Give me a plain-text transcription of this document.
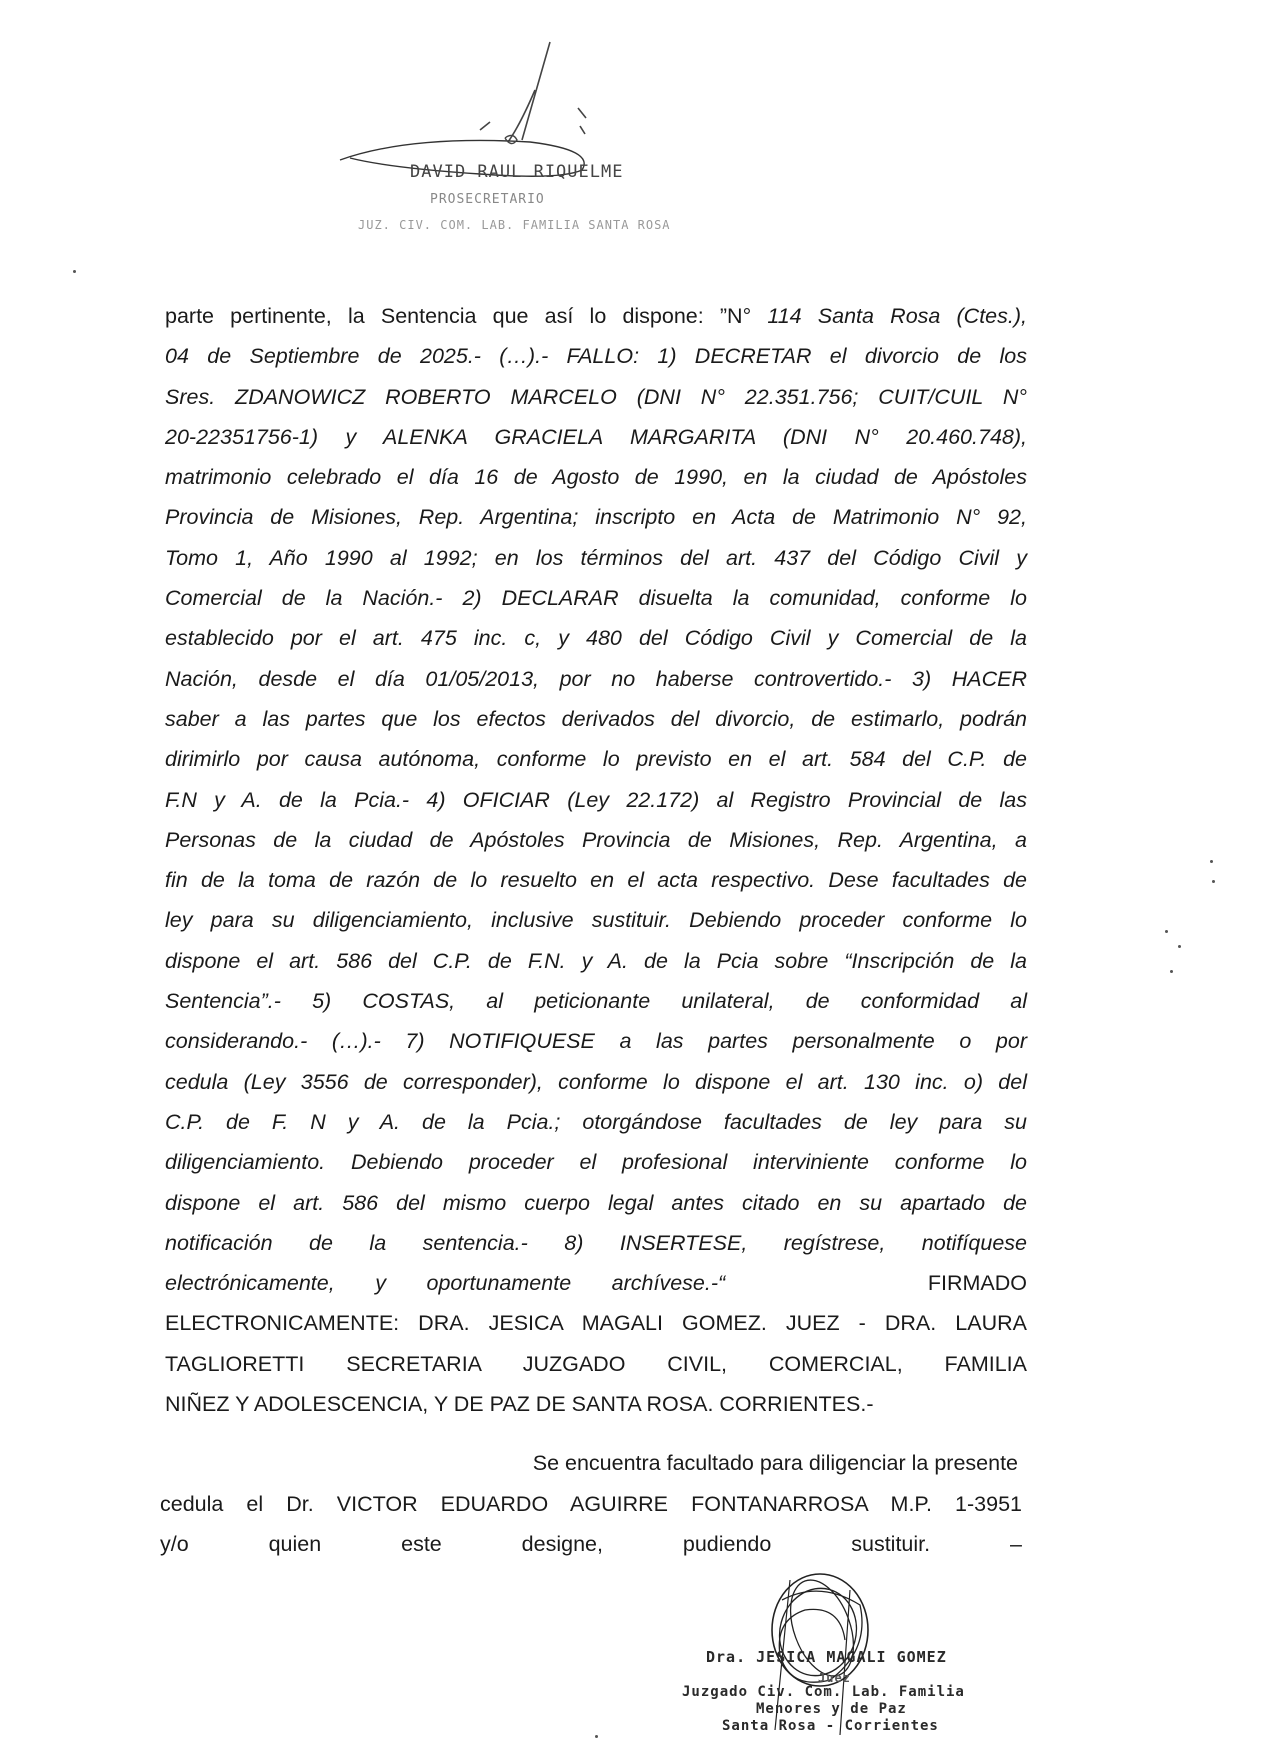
DAVID RAUL RIQUELME
PROSECRETARIO
JUZ. CIV. COM. LAB. FAMILIA SANTA ROSA
parte pertinente, la Sentencia que así lo dispone: ”N° 114 Santa Rosa (Ctes.),
04 de Septiembre de 2025.- (…).- FALLO: 1) DECRETAR el divorcio de los
Sres. ZDANOWICZ ROBERTO MARCELO (DNI N° 22.351.756; CUIT/CUIL N°
20-22351756-1) y ALENKA GRACIELA MARGARITA (DNI N° 20.460.748),
matrimonio celebrado el día 16 de Agosto de 1990, en la ciudad de Apóstoles
Provincia de Misiones, Rep. Argentina; inscripto en Acta de Matrimonio N° 92,
Tomo 1, Año 1990 al 1992; en los términos del art. 437 del Código Civil y
Comercial de la Nación.- 2) DECLARAR disuelta la comunidad, conforme lo
establecido por el art. 475 inc. c, y 480 del Código Civil y Comercial de la
Nación, desde el día 01/05/2013, por no haberse controvertido.- 3) HACER
saber a las partes que los efectos derivados del divorcio, de estimarlo, podrán
dirimirlo por causa autónoma, conforme lo previsto en el art. 584 del C.P. de
F.N y A. de la Pcia.- 4) OFICIAR (Ley 22.172) al Registro Provincial de las
Personas de la ciudad de Apóstoles Provincia de Misiones, Rep. Argentina, a
fin de la toma de razón de lo resuelto en el acta respectivo. Dese facultades de
ley para su diligenciamiento, inclusive sustituir. Debiendo proceder conforme lo
dispone el art. 586 del C.P. de F.N. y A. de la Pcia sobre “Inscripción de la
Sentencia”.- 5) COSTAS, al peticionante unilateral, de conformidad al
considerando.- (…).- 7) NOTIFIQUESE a las partes personalmente o por
cedula (Ley 3556 de corresponder), conforme lo dispone el art. 130 inc. o) del
C.P. de F. N y A. de la Pcia.; otorgándose facultades de ley para su
diligenciamiento. Debiendo proceder el profesional interviniente conforme lo
dispone el art. 586 del mismo cuerpo legal antes citado en su apartado de
notificación de la sentencia.- 8) INSERTESE, regístrese, notifíquese
electrónicamente, y oportunamente archívese.-“	FIRMADO
ELECTRONICAMENTE: DRA. JESICA MAGALI GOMEZ. JUEZ - DRA. LAURA
TAGLIORETTI SECRETARIA JUZGADO CIVIL, COMERCIAL, FAMILIA
NIÑEZ Y ADOLESCENCIA, Y DE PAZ DE SANTA ROSA. CORRIENTES.-
Se encuentra facultado para diligenciar la presente
cedula el Dr. VICTOR EDUARDO AGUIRRE FONTANARROSA M.P. 1-3951
y/o quien este designe, pudiendo sustituir. –
Dra. JESICA MAGALI GOMEZ
Juez
Juzgado Civ. Com. Lab. Familia
Menores y de Paz
Santa Rosa - Corrientes
